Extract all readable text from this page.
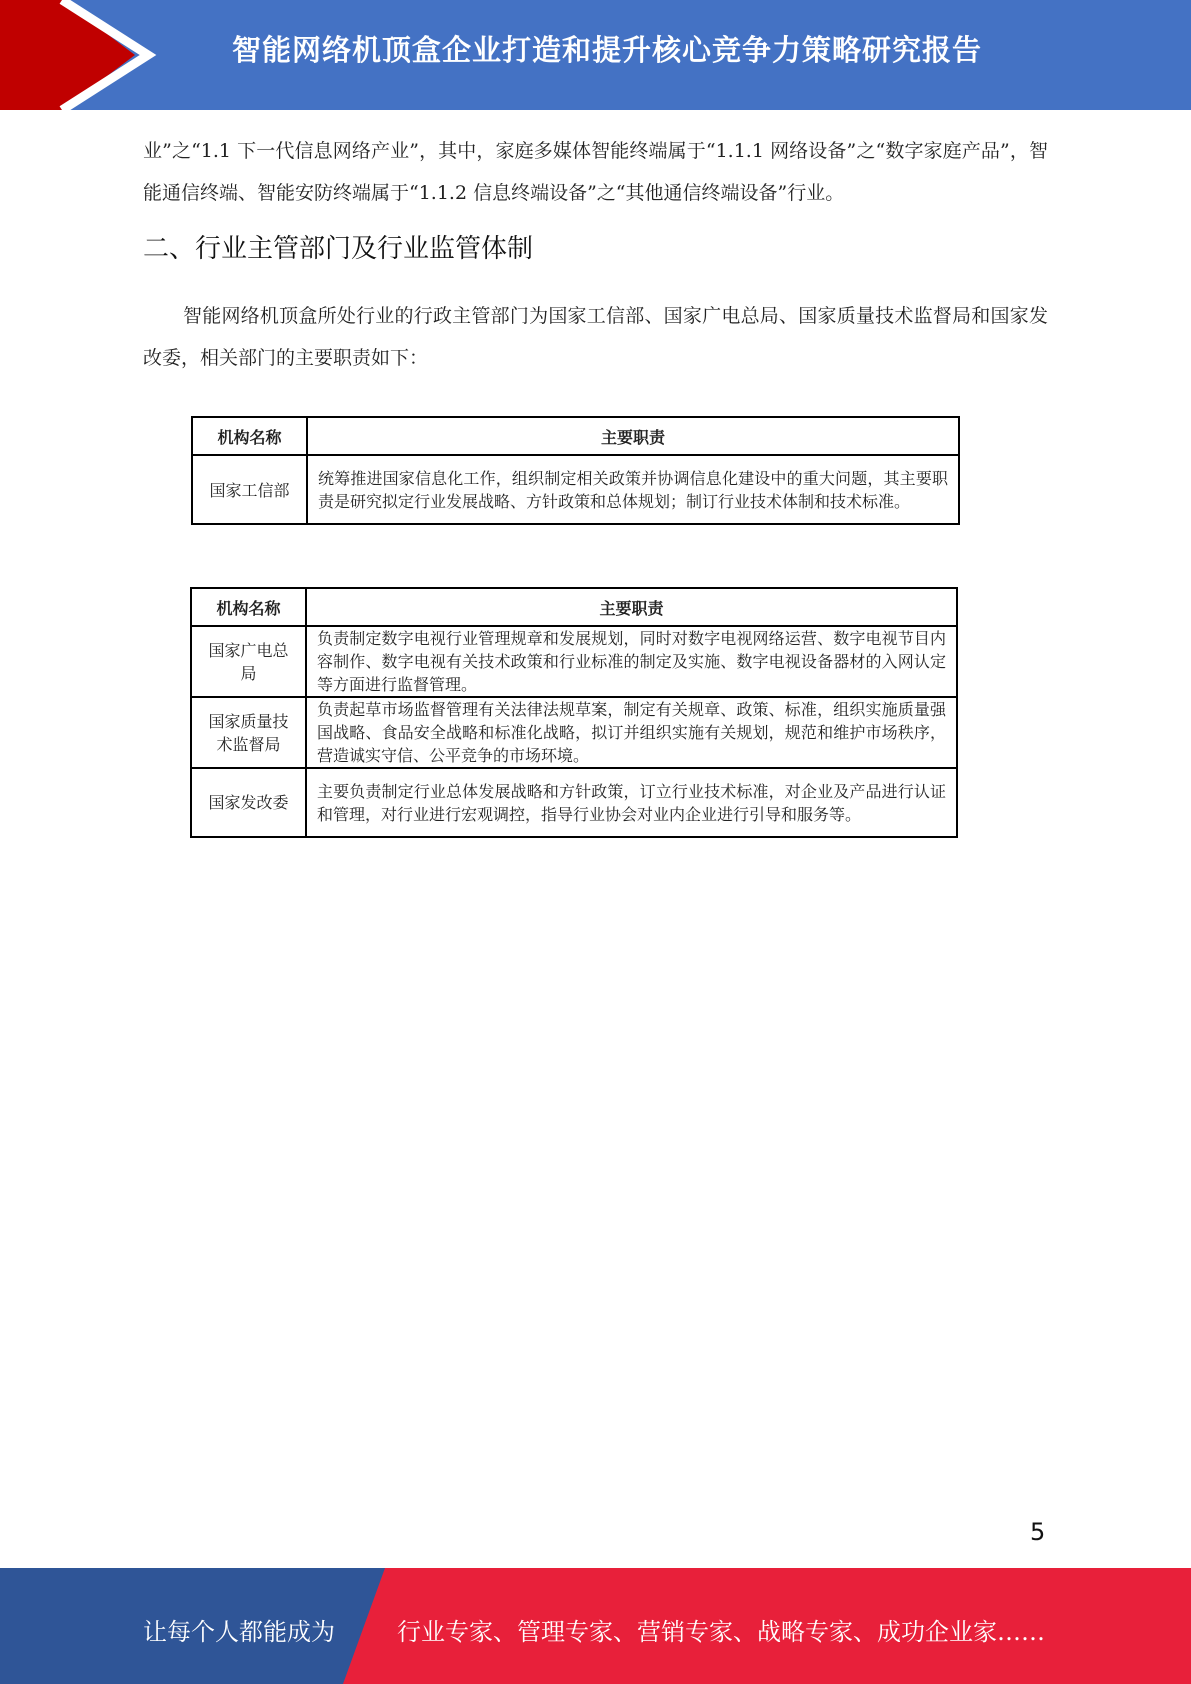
智能网络机顶盒企业打造和提升核心竞争力策略研究报告

业”之“1.1 下一代信息网络产业”，其中，家庭多媒体智能终端属于“1.1.1 网络设备”之“数字家庭产品”，智能通信终端、智能安防终端属于“1.1.2 信息终端设备”之“其他通信终端设备”行业。

二、行业主管部门及行业监管体制

智能网络机顶盒所处行业的行政主管部门为国家工信部、国家广电总局、国家质量技术监督局和国家发改委，相关部门的主要职责如下：

机构名称	主要职责
国家工信部	统筹推进国家信息化工作，组织制定相关政策并协调信息化建设中的重大问题，其主要职责是研究拟定行业发展战略、方针政策和总体规划；制订行业技术体制和技术标准。
机构名称	主要职责
国家广电总局	负责制定数字电视行业管理规章和发展规划，同时对数字电视网络运营、数字电视节目内容制作、数字电视有关技术政策和行业标准的制定及实施、数字电视设备器材的入网认定等方面进行监督管理。
国家质量技术监督局	负责起草市场监督管理有关法律法规草案，制定有关规章、政策、标准，组织实施质量强国战略、食品安全战略和标准化战略，拟订并组织实施有关规划，规范和维护市场秩序，营造诚实守信、公平竞争的市场环境。
国家发改委	主要负责制定行业总体发展战略和方针政策，订立行业技术标准，对企业及产品进行认证和管理，对行业进行宏观调控，指导行业协会对业内企业进行引导和服务等。
5
让每个人都能成为	行业专家、管理专家、营销专家、战略专家、成功企业家……
